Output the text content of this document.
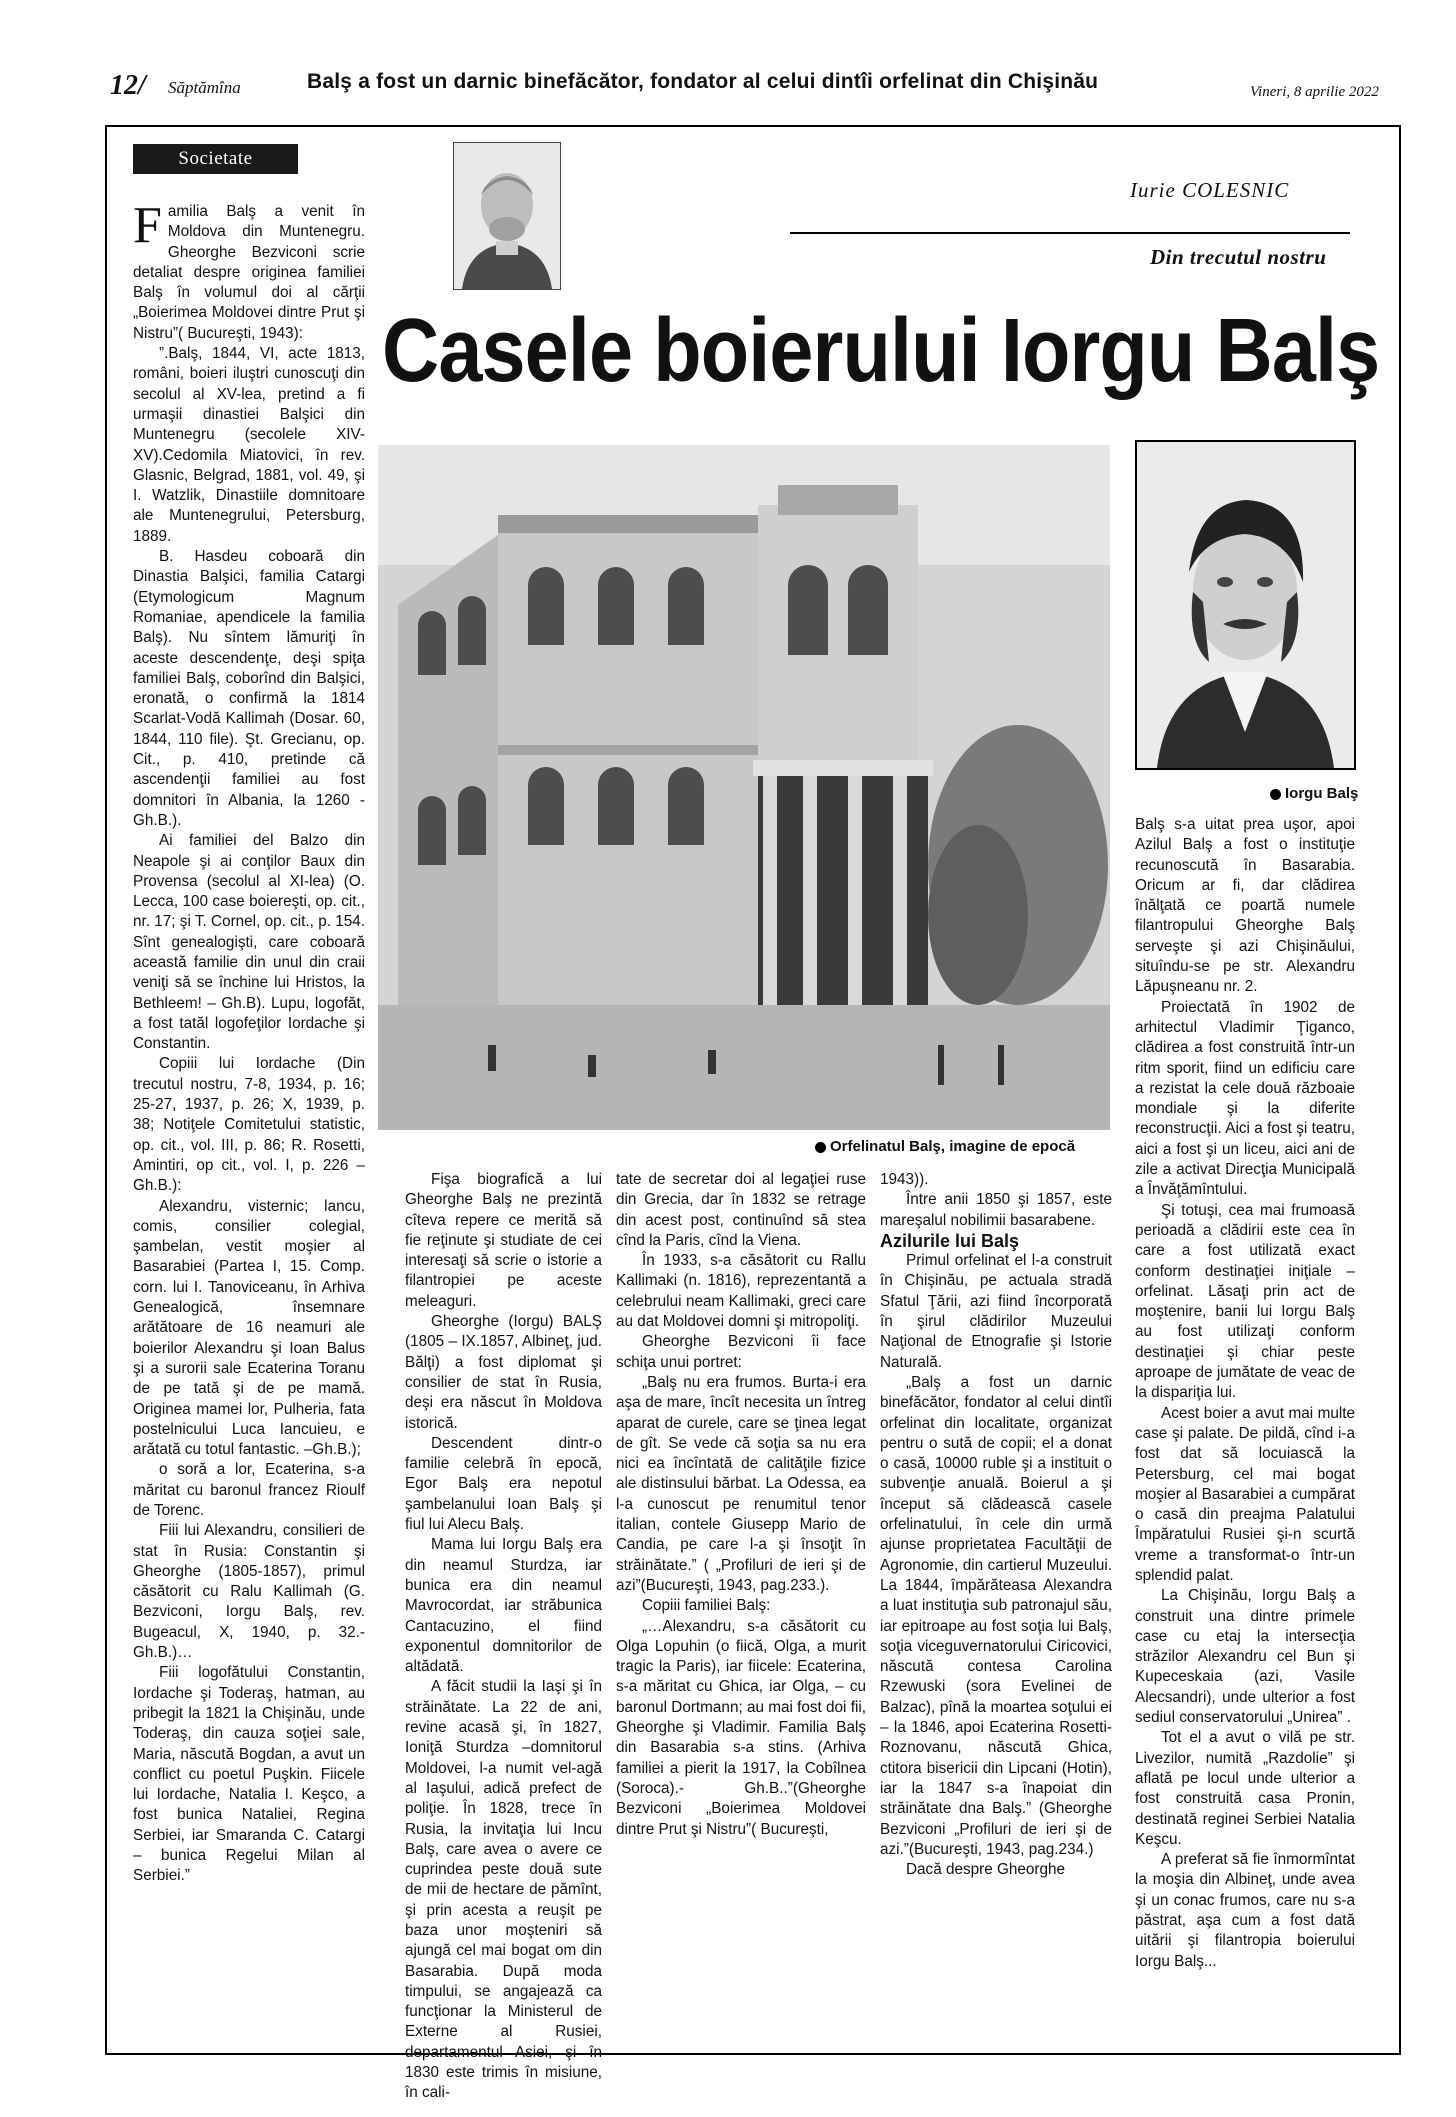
12/ Săptămîna	Balş a fost un darnic binefăcător, fondator al celui dintîi orfelinat din Chişinău	Vineri, 8 aprilie 2022
Societate
Iurie COLESNIC
Din trecutul nostru
Casele boierului Iorgu Balş
Orfelinatul Balş, imagine de epocă
Iorgu Balş

Familia Balş a venit în Moldova din Muntenegru. Gheorghe Bezviconi scrie detaliat despre originea familiei Balş în volumul doi al cărţii „Boierimea Moldovei dintre Prut şi Nistru”( Bucureşti, 1943):

”.Balş, 1844, VI, acte 1813, români, boieri iluştri cunoscuţi din secolul al XV-lea, pretind a fi urmaşii dinastiei Balşici din Muntenegru (secolele XIV-XV).Cedomila Miatovici, în rev. Glasnic, Belgrad, 1881, vol. 49, şi I. Watzlik, Dinastiile domnitoare ale Muntenegrului, Petersburg, 1889.

B. Hasdeu coboară din Dinastia Balşici, familia Catargi (Etymologicum Magnum Romaniae, apendicele la familia Balş). Nu sîntem lămuriţi în aceste descendenţe, deşi spiţa familiei Balş, coborînd din Balşici, eronată, o confirmă la 1814 Scarlat-Vodă Kallimah (Dosar. 60, 1844, 110 file). Şt. Grecianu, op. Cit., p. 410, pretinde că ascendenţii familiei au fost domnitori în Albania, la 1260 - Gh.B.).

Ai familiei del Balzo din Neapole şi ai conţilor Baux din Provensa (secolul al XI-lea) (O. Lecca, 100 case boiereşti, op. cit., nr. 17; şi T. Cornel, op. cit., p. 154. Sînt genealogişti, care coboară această familie din unul din craii veniţi să se închine lui Hristos, la Bethleem! – Gh.B). Lupu, logofăt, a fost tatăl logofeţilor Iordache şi Constantin.

Copiii lui Iordache (Din trecutul nostru, 7-8, 1934, p. 16; 25-27, 1937, p. 26; X, 1939, p. 38; Notiţele Comitetului statistic, op. cit., vol. III, p. 86; R. Rosetti, Amintiri, op cit., vol. I, p. 226 –Gh.B.):

Alexandru, visternic; lancu, comis, consilier colegial, şambelan, vestit moşier al Basarabiei (Partea I, 15. Comp. corn. lui I. Tanoviceanu, în Arhiva Genealogică, însemnare arătătoare de 16 neamuri ale boierilor Alexandru şi Ioan Balus şi a surorii sale Ecaterina Toranu de pe tată şi de pe mamă. Originea mamei lor, Pulheria, fata postelnicului Luca Iancuieu, e arătată cu totul fantastic. –Gh.B.);

o soră a lor, Ecaterina, s-a măritat cu baronul francez Rioulf de Torenc.

Fiii lui Alexandru, consilieri de stat în Rusia: Constantin şi Gheorghe (1805-1857), primul căsătorit cu Ralu Kallimah (G. Bezviconi, Iorgu Balş, rev. Bugeacul, X, 1940, p. 32.- Gh.B.)…

Fiii logofătului Constantin, Iordache şi Toderaş, hatman, au pribegit la 1821 la Chişinău, unde Toderaş, din cauza soţiei sale, Maria, născută Bogdan, a avut un conflict cu poetul Puşkin. Fiicele lui Iordache, Natalia I. Keşco, a fost bunica Nataliei, Regina Serbiei, iar Smaranda C. Catargi – bunica Regelui Milan al Serbiei.”

Fişa biografică a lui Gheorghe Balş ne prezintă cîteva repere ce merită să fie reţinute şi studiate de cei interesaţi să scrie o istorie a filantropiei pe aceste meleaguri.

Gheorghe (Iorgu) BALŞ (1805 – IX.1857, Albineţ, jud. Bălţi) a fost diplomat şi consilier de stat în Rusia, deşi era născut în Moldova istorică.

Descendent dintr-o familie celebră în epocă, Egor Balş era nepotul şambelanului Ioan Balş şi fiul lui Alecu Balş.

Mama lui Iorgu Balş era din neamul Sturdza, iar bunica era din neamul Mavrocordat, iar străbunica Cantacuzino, el fiind exponentul domnitorilor de altădată.

A făcit studii la Iaşi şi în străinătate. La 22 de ani, revine acasă şi, în 1827, Ioniţă Sturdza –domnitorul Moldovei, l-a numit vel-agă al Iaşului, adică prefect de poliţie. În 1828, trece în Rusia, la invitaţia lui Incu Balş, care avea o avere ce cuprindea peste două sute de mii de hectare de pămînt, şi prin acesta a reuşit pe baza unor moşteniri să ajungă cel mai bogat om din Basarabia. După moda timpului, se angajează ca funcţionar la Ministerul de Externe al Rusiei, departamentul Asiei, şi în 1830 este trimis în misiune, în cali-

tate de secretar doi al legaţiei ruse din Grecia, dar în 1832 se retrage din acest post, continuînd să stea cînd la Paris, cînd la Viena.

În 1933, s-a căsătorit cu Rallu Kallimaki (n. 1816), reprezentantă a celebrului neam Kallimaki, greci care au dat Moldovei domni şi mitropoliţi.

Gheorghe Bezviconi îi face schiţa unui portret:

„Balş nu era frumos. Burta-i era aşa de mare, încît necesita un întreg aparat de curele, care se ţinea legat de gît. Se vede că soţia sa nu era nici ea încîntată de calităţile fizice ale distinsului bărbat. La Odessa, ea l-a cunoscut pe renumitul tenor italian, contele Giusepp Mario de Candia, pe care l-a şi însoţit în străinătate.” ( „Profiluri de ieri şi de azi”(Bucureşti, 1943, pag.233.).

Copiii familiei Balş:

„…Alexandru, s-a căsătorit cu Olga Lopuhin (o fiică, Olga, a murit tragic la Paris), iar fiicele: Ecaterina, s-a măritat cu Ghica, iar Olga, – cu baronul Dortmann; au mai fost doi fii, Gheorghe şi Vladimir. Familia Balş din Basarabia s-a stins. (Arhiva familiei a pierit la 1917, la Cobîlnea (Soroca).- Gh.B..”(Gheorghe Bezviconi „Boierimea Moldovei dintre Prut şi Nistru”( Bucureşti,

1943)).

Între anii 1850 şi 1857, este mareşalul nobilimii basarabene.

Azilurile lui Balş

Primul orfelinat el l-a construit în Chişinău, pe actuala stradă Sfatul Ţării, azi fiind încorporată în şirul clădirilor Muzeului Naţional de Etnografie şi Istorie Naturală.

„Balş a fost un darnic binefăcător, fondator al celui dintîi orfelinat din localitate, organizat pentru o sută de copii; el a donat o casă, 10000 ruble şi a instituit o subvenţie anuală. Boierul a şi început să clădească casele orfelinatului, în cele din urmă ajunse proprietatea Facultăţii de Agronomie, din cartierul Muzeului. La 1844, împărăteasa Alexandra a luat instituţia sub patronajul său, iar epitroape au fost soţia lui Balş, soţia viceguvernatorului Ciricovici, născută contesa Carolina Rzewuski (sora Evelinei de Balzac), pînă la moartea soţului ei – la 1846, apoi Ecaterina Rosetti-Roznovanu, născută Ghica, ctitora bisericii din Lipcani (Hotin), iar la 1847 s-a înapoiat din străinătate dna Balş.” (Gheorghe Bezviconi „Profiluri de ieri şi de azi.”(Bucureşti, 1943, pag.234.)

Dacă despre Gheorghe

Balş s-a uitat prea uşor, apoi Azilul Balş a fost o instituţie recunoscută în Basarabia. Oricum ar fi, dar clădirea înălţată ce poartă numele filantropului Gheorghe Balş serveşte şi azi Chişinăului, situîndu-se pe str. Alexandru Lăpuşneanu nr. 2.

Proiectată în 1902 de arhitectul Vladimir Ţiganco, clădirea a fost construită într-un ritm sporit, fiind un edificiu care a rezistat la cele două războaie mondiale şi la diferite reconstrucţii. Aici a fost şi teatru, aici a fost şi un liceu, aici ani de zile a activat Direcţia Municipală a Învăţămîntului.

Şi totuşi, cea mai frumoasă perioadă a clădirii este cea în care a fost utilizată exact conform destinaţiei iniţiale – orfelinat. Lăsaţi prin act de moştenire, banii lui Iorgu Balş au fost utilizaţi conform destinaţiei şi chiar peste aproape de jumătate de veac de la dispariţia lui.

Acest boier a avut mai multe case şi palate. De pildă, cînd i-a fost dat să locuiască la Petersburg, cel mai bogat moşier al Basarabiei a cumpărat o casă din preajma Palatului Împăratului Rusiei şi-n scurtă vreme a transformat-o într-un splendid palat.

La Chişinău, Iorgu Balş a construit una dintre primele case cu etaj la intersecţia străzilor Alexandru cel Bun şi Kupeceskaia (azi, Vasile Alecsandri), unde ulterior a fost sediul conservatorului „Unirea” .

Tot el a avut o vilă pe str. Livezilor, numită „Razdolie” şi aflată pe locul unde ulterior a fost construită casa Pronin, destinată reginei Serbiei Natalia Keşcu.

A preferat să fie înmormîntat la moşia din Albineţ, unde avea şi un conac frumos, care nu s-a păstrat, aşa cum a fost dată uitării şi filantropia boierului Iorgu Balş...
